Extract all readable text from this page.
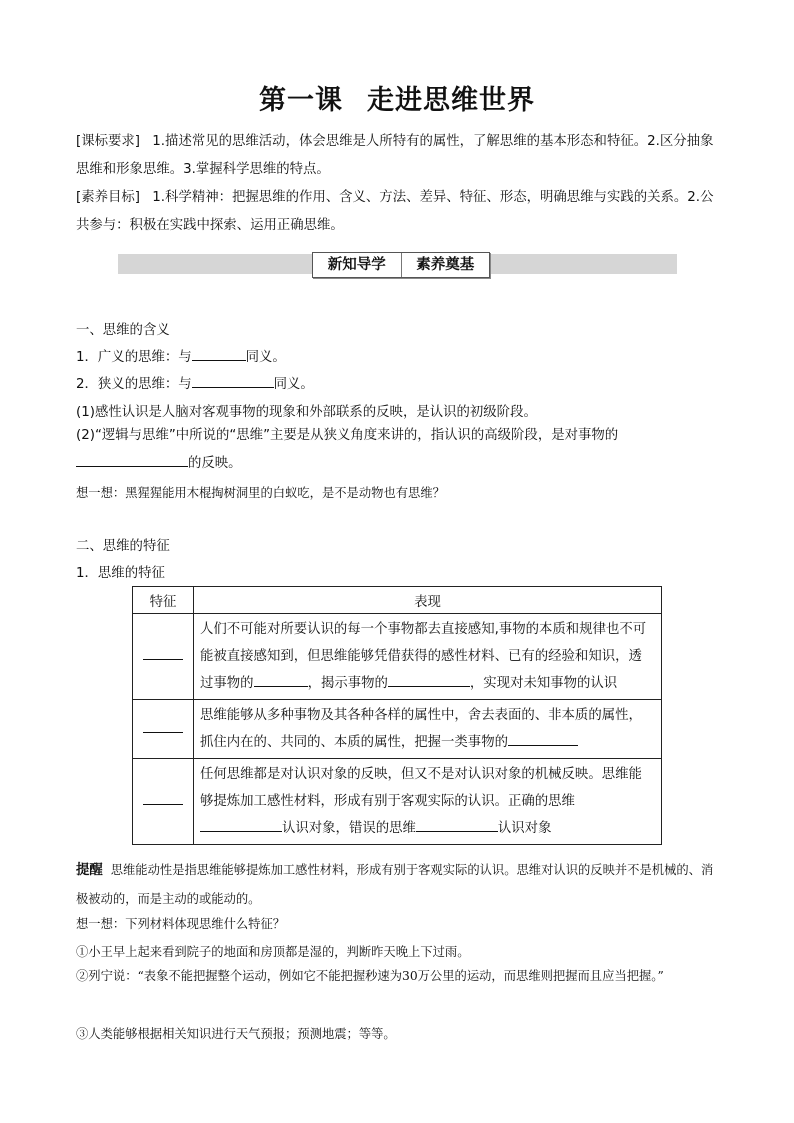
第一课 走进思维世界
[课标要求] 1.描述常见的思维活动，体会思维是人所特有的属性，了解思维的基本形态和特征。2.区分抽象思维和形象思维。3.掌握科学思维的特点。
[素养目标] 1.科学精神：把握思维的作用、含义、方法、差异、特征、形态，明确思维与实践的关系。2.公共参与：积极在实践中探索、运用正确思维。
新知导学	素养奠基
一、思维的含义
1．广义的思维：与	同义。
2．狭义的思维：与	同义。
(1)感性认识是人脑对客观事物的现象和外部联系的反映，是认识的初级阶段。
(2)“逻辑与思维”中所说的“思维”主要是从狭义角度来讲的，指认识的高级阶段，是对事物的
的反映。
想一想：黑猩猩能用木棍掏树洞里的白蚁吃，是不是动物也有思维？
二、思维的特征
1．思维的特征
特征	表现

	人们不可能对所要认识的每一个事物都去直接感知,事物的本质和规律也不可能被直接感知到，但思维能够凭借获得的感性材料、已有的经验和知识，透过事物的 ，揭示事物的 ，实现对未知事物的认识

	思维能够从多种事物及其各种各样的属性中，舍去表面的、非本质的属性，抓住内在的、共同的、本质的属性，把握一类事物的

	任何思维都是对认识对象的反映，但又不是对认识对象的机械反映。思维能够提炼加工感性材料，形成有别于客观实际的认识。正确的思维
认识对象，错误的思维 认识对象
提醒 思维能动性是指思维能够提炼加工感性材料，形成有别于客观实际的认识。思维对认识的反映并不是机械的、消极被动的，而是主动的或能动的。
想一想：下列材料体现思维什么特征？
①小王早上起来看到院子的地面和房顶都是湿的，判断昨天晚上下过雨。
②列宁说：“表象不能把握整个运动，例如它不能把握秒速为30万公里的运动，而思维则把握而且应当把握。”
③人类能够根据相关知识进行天气预报；预测地震；等等。
